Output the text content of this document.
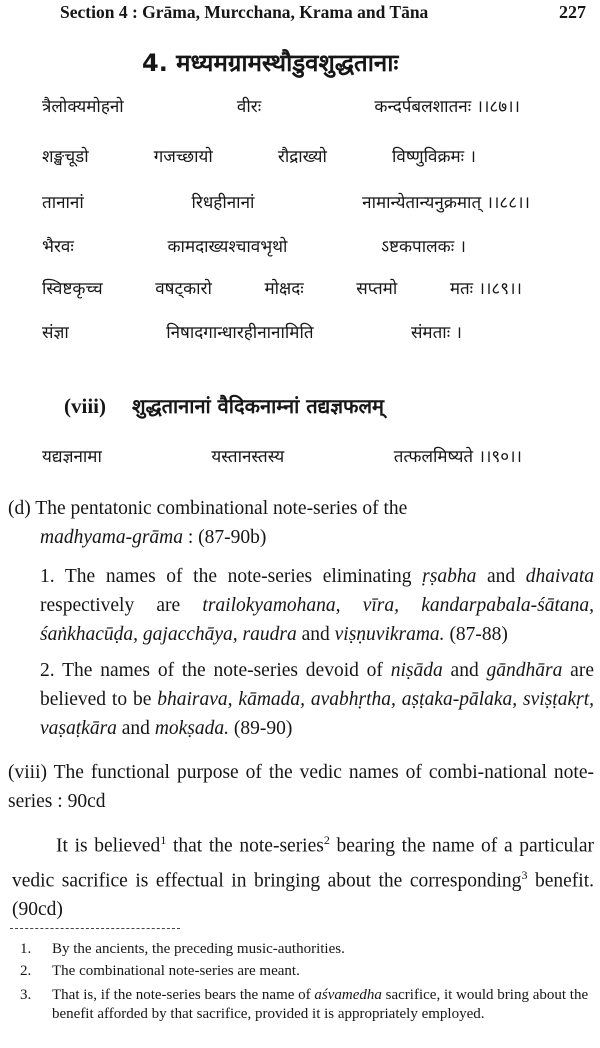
Section 4 : Grāma, Murcchana, Krama and Tāna	227
4. मध्यमग्रामस्थौडुवशुद्धतानाः
त्रैलोक्यमोहनो	वीरः	कन्दर्पबलशातनः ।।८७।।
शङ्खचूडो	गजच्छायो	रौद्राख्यो	विष्णुविक्रमः ।
तानानां	रिधहीनानां	नामान्येतान्यनुक्रमात् ।।८८।।
भैरवः	कामदाख्यश्चावभृथो	ऽष्टकपालकः ।
स्विष्टकृच्च	वषट्कारो	मोक्षदः	सप्तमो	मतः ।।८९।।
संज्ञा	निषादगान्धारहीनानामिति	संमताः ।
(viii) शुद्धतानानां वैदिकनाम्नां तद्यज्ञफलम्
यद्यज्ञनामा	यस्तानस्तस्य	तत्फलमिष्यते ।।९०।।
(d) The pentatonic combinational note-series of the
madhyama-grāma : (87-90b)
1. The names of the note-series eliminating ṛṣabha and dhaivata respectively are trailokyamohana, vīra, kandarpabala-śātana, śaṅkhacūḍa, gajacchāya, raudra and viṣṇuvikrama. (87-88)
2. The names of the note-series devoid of niṣāda and gāndhāra are believed to be bhairava, kāmada, avabhṛtha, aṣṭaka-pālaka, sviṣṭakṛt, vaṣaṭkāra and mokṣada. (89-90)
(viii) The functional purpose of the vedic names of combi-national note-series : 90cd
It is believed$^1$ that the note-series$^2$ bearing the name of a particular vedic sacrifice is effectual in bringing about the corresponding$^3$ benefit. (90cd)
1. By the ancients, the preceding music-authorities.
2. The combinational note-series are meant.
3. That is, if the note-series bears the name of aśvamedha sacrifice, it would bring about the benefit afforded by that sacrifice, provided it is appropriately employed.
